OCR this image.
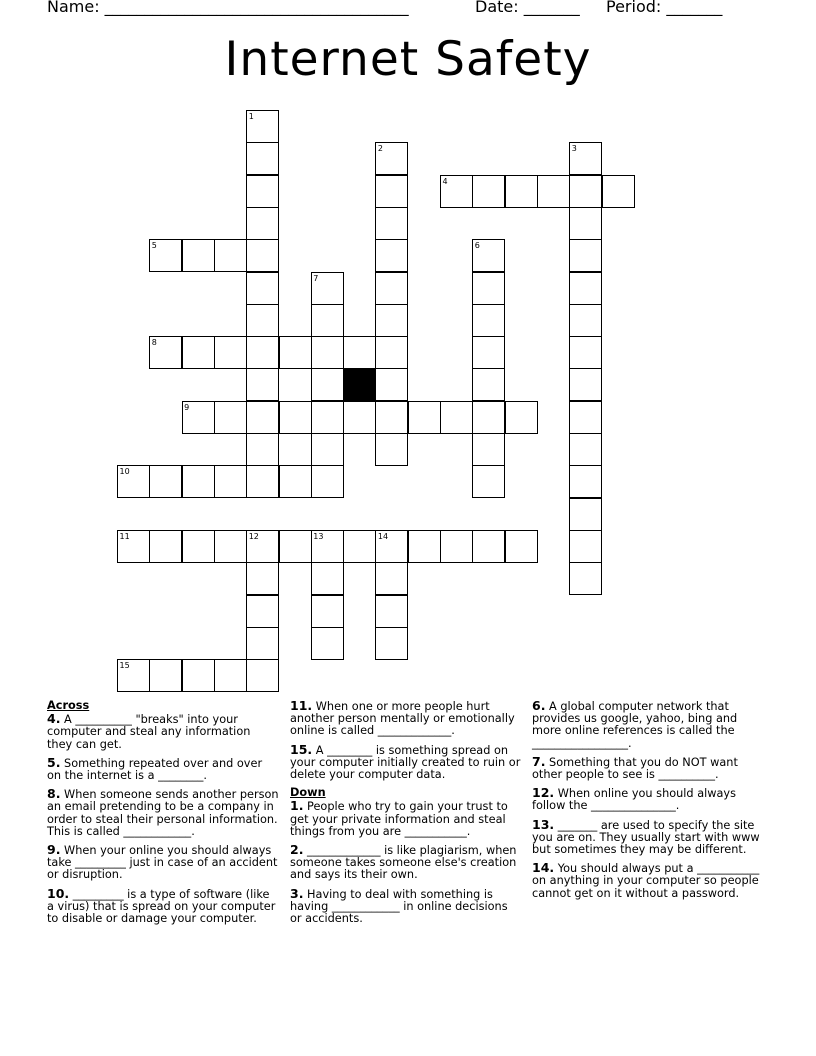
Name: ______________________________________	Date: _______ Period: _______
Internet Safety
1
2	3
4
5	6
7
8
9
10
11	12	13	14
15
Across
4. A __________ "breaks" into your computer and steal any information they can get.
5. Something repeated over and over on the internet is a ________.
8. When someone sends another person an email pretending to be a company in order to steal their personal information. This is called ____________.
9. When your online you should always take _________ just in case of an accident or disruption.
10. _________ is a type of software (like a virus) that is spread on your computer to disable or damage your computer.
11. When one or more people hurt another person mentally or emotionally online is called _____________.
15. A ________ is something spread on your computer initially created to ruin or delete your computer data.
Down
1. People who try to gain your trust to get your private information and steal things from you are ___________.
2. _____________ is like plagiarism, when someone takes someone else's creation and says its their own.
3. Having to deal with something is having ____________ in online decisions or accidents.
6. A global computer network that provides us google, yahoo, bing and more online references is called the _________________.
7. Something that you do NOT want other people to see is __________.
12. When online you should always follow the _______________.
13. _______ are used to specify the site you are on. They usually start with www but sometimes they may be different.
14. You should always put a ___________ on anything in your computer so people cannot get on it without a password.
